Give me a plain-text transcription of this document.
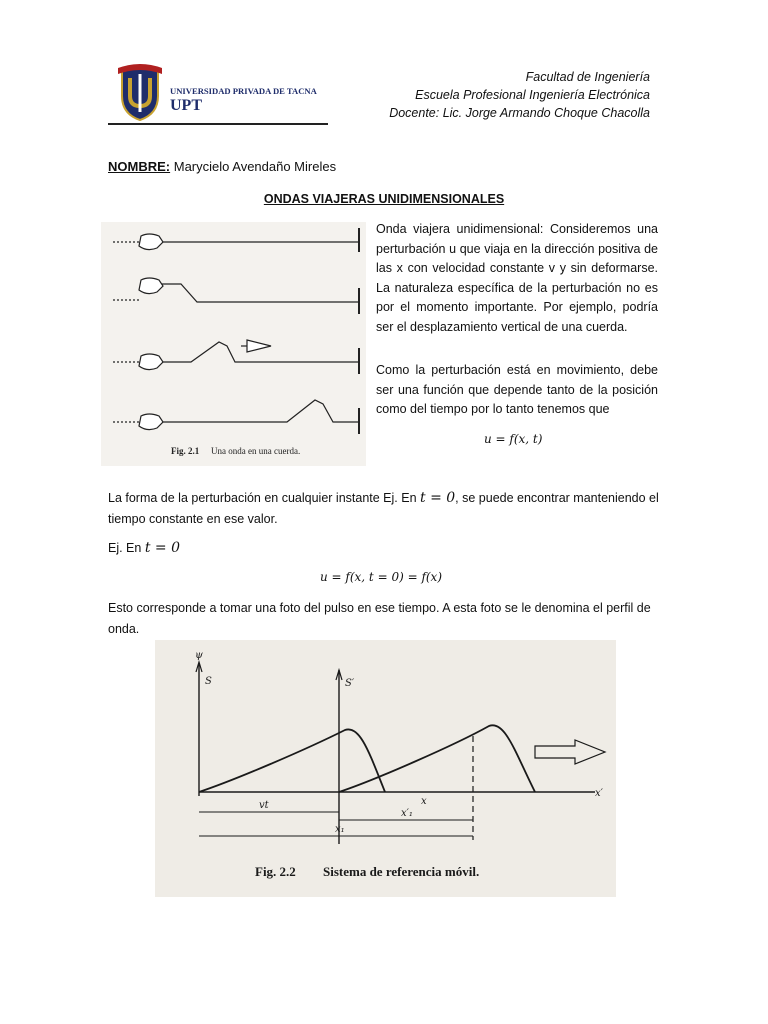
UNIVERSIDAD PRIVADA DE TACNA
UPT
Facultad de Ingeniería
Escuela Profesional Ingeniería Electrónica
Docente: Lic. Jorge Armando Choque Chacolla
NOMBRE: Marycielo Avendaño Mireles
ONDAS VIAJERAS UNIDIMENSIONALES
Fig. 2.1 Una onda en una cuerda.
Onda viajera unidimensional: Consideremos una perturbación u que viaja en la dirección positiva de las x con velocidad constante v y sin deformarse. La naturaleza específica de la perturbación no es por el momento importante. Por ejemplo, podría ser el desplazamiento vertical de una cuerda.
Como la perturbación está en movimiento, debe ser una función que depende tanto de la posición como del tiempo por lo tanto tenemos que
u = f(x, t)
La forma de la perturbación en cualquier instante Ej. En t = 0, se puede encontrar manteniendo el tiempo constante en ese valor.
Ej. En t = 0
u = f(x, t = 0) = f(x)
Esto corresponde a tomar una foto del pulso en ese tiempo. A esta foto se le denomina el perfil de onda.
ψ
S	S′
x
x′
vt
x′₁
x₁
Fig. 2.2 Sistema de referencia móvil.
